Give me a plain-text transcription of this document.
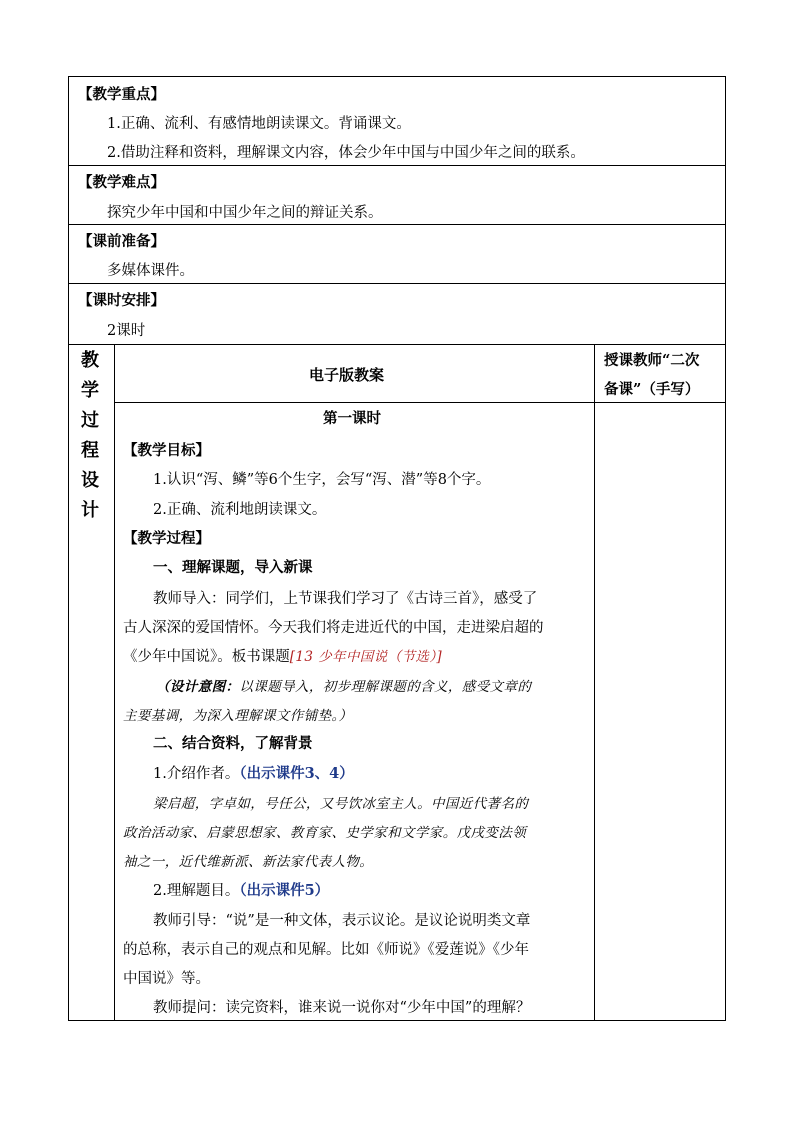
【教学重点】
1.正确、流利、有感情地朗读课文。背诵课文。
2.借助注释和资料，理解课文内容，体会少年中国与中国少年之间的联系。
【教学难点】
探究少年中国和中国少年之间的辩证关系。
【课前准备】
多媒体课件。
【课时安排】
2课时
教
学
过
程
设
计
电子版教案
授课教师“二次
备课”（手写）
第一课时
【教学目标】
1.认识“泻、鳞”等6个生字，会写“泻、潜”等8个字。
2.正确、流利地朗读课文。
【教学过程】
一、理解课题，导入新课
教师导入：同学们，上节课我们学习了《古诗三首》，感受了
古人深深的爱国情怀。今天我们将走进近代的中国，走进梁启超的
《少年中国说》。板书课题[13 少年中国说（节选）]
（设计意图：以课题导入，初步理解课题的含义，感受文章的
主要基调，为深入理解课文作铺垫。）
二、结合资料，了解背景
1.介绍作者。（出示课件3、4）
梁启超，字卓如，号任公，又号饮冰室主人。中国近代著名的
政治活动家、启蒙思想家、教育家、史学家和文学家。戊戌变法领
袖之一，近代维新派、新法家代表人物。
2.理解题目。（出示课件5）
教师引导：“说”是一种文体，表示议论。是议论说明类文章
的总称，表示自己的观点和见解。比如《师说》《爱莲说》《少年
中国说》等。
教师提问：读完资料，谁来说一说你对“少年中国”的理解？
